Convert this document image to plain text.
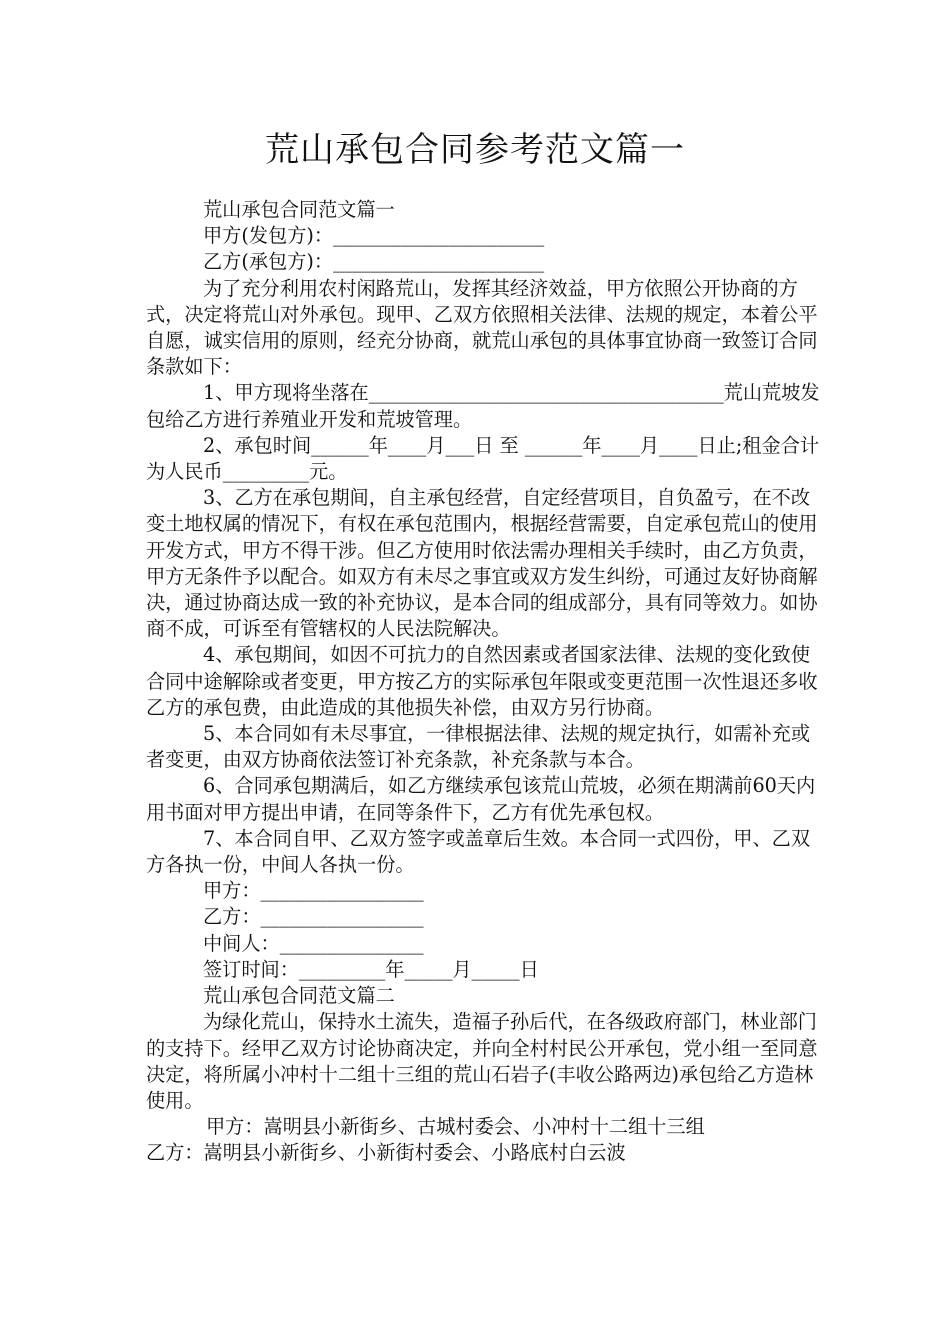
荒山承包合同参考范文篇一

荒山承包合同范文篇一

甲方(发包方)：______________________

乙方(承包方)：______________________

为了充分利用农村闲路荒山，发挥其经济效益，甲方依照公开协商的方式，决定将荒山对外承包。现甲、乙双方依照相关法律、法规的规定，本着公平自愿，诚实信用的原则，经充分协商，就荒山承包的具体事宜协商一致签订合同条款如下：

1、甲方现将坐落在_____________________________________荒山荒坡发包给乙方进行养殖业开发和荒坡管理。

2、承包时间______年____月___日 至 ______年____月____日止;租金合计为人民币_________元。

3、乙方在承包期间，自主承包经营，自定经营项目，自负盈亏，在不改变土地权属的情况下，有权在承包范围内，根据经营需要，自定承包荒山的使用开发方式，甲方不得干涉。但乙方使用时依法需办理相关手续时，由乙方负责，甲方无条件予以配合。如双方有未尽之事宜或双方发生纠纷，可通过友好协商解决，通过协商达成一致的补充协议，是本合同的组成部分，具有同等效力。如协商不成，可诉至有管辖权的人民法院解决。

4、承包期间，如因不可抗力的自然因素或者国家法律、法规的变化致使合同中途解除或者变更，甲方按乙方的实际承包年限或变更范围一次性退还多收乙方的承包费，由此造成的其他损失补偿，由双方另行协商。

5、本合同如有未尽事宜，一律根据法律、法规的规定执行，如需补充或者变更，由双方协商依法签订补充条款，补充条款与本合。

6、合同承包期满后，如乙方继续承包该荒山荒坡，必须在期满前60天内用书面对甲方提出申请，在同等条件下，乙方有优先承包权。

7、本合同自甲、乙双方签字或盖章后生效。本合同一式四份，甲、乙双方各执一份，中间人各执一份。

甲方：_________________

乙方：_________________

中间人：_______________

签订时间：_________年_____月_____日

荒山承包合同范文篇二

为绿化荒山，保持水土流失，造福子孙后代，在各级政府部门，林业部门的支持下。经甲乙双方讨论协商决定，并向全村村民公开承包，党小组一至同意决定，将所属小冲村十二组十三组的荒山石岩子(丰收公路两边)承包给乙方造林使用。

甲方：嵩明县小新街乡、古城村委会、小冲村十二组十三组

乙方：嵩明县小新街乡、小新街村委会、小路底村白云波
